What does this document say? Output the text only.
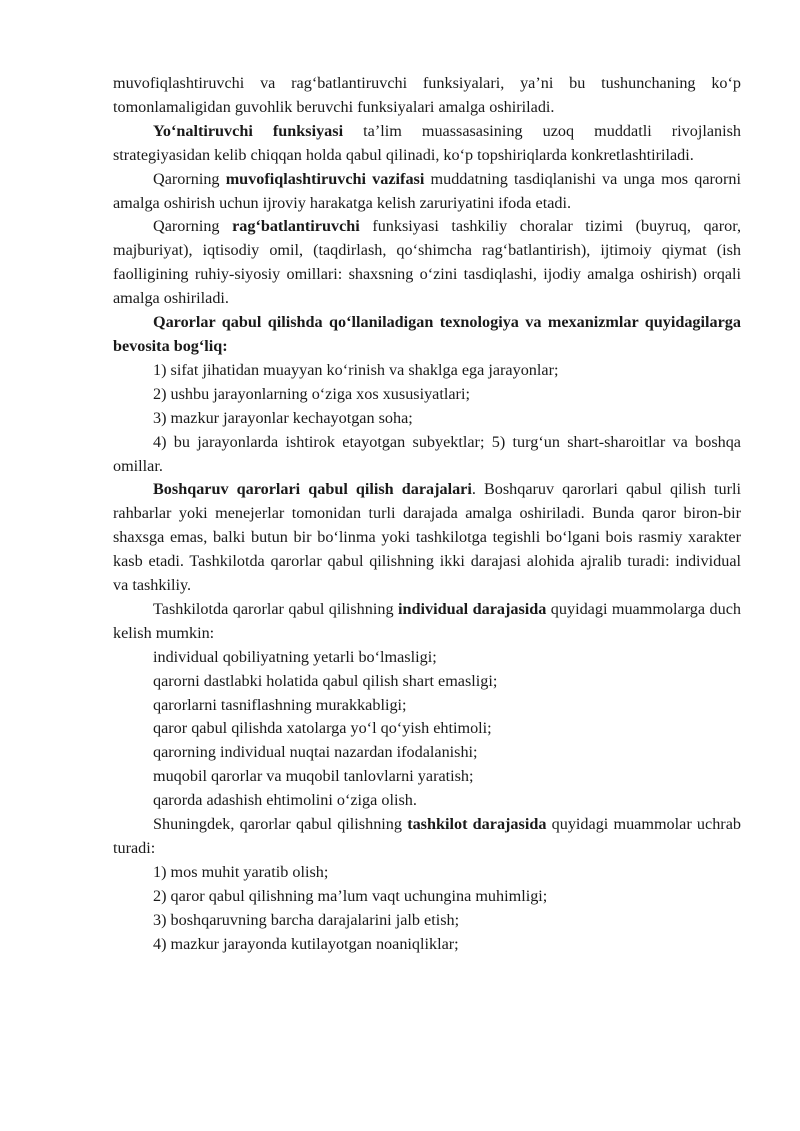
muvofiqlashtiruvchi va rag‘batlantiruvchi funksiyalari, ya’ni bu tushunchaning ko‘p tomonlamaligidan guvohlik beruvchi funksiyalari amalga oshiriladi.

Yo‘naltiruvchi funksiyasi ta’lim muassasasining uzoq muddatli rivojlanish strategiyasidan kelib chiqqan holda qabul qilinadi, ko‘p topshiriqlarda konkretlashtiriladi.

Qarorning muvofiqlashtiruvchi vazifasi muddatning tasdiqlanishi va unga mos qarorni amalga oshirish uchun ijroviy harakatga kelish zaruriyatini ifoda etadi.

Qarorning rag‘batlantiruvchi funksiyasi tashkiliy choralar tizimi (buyruq, qaror, majburiyat), iqtisodiy omil, (taqdirlash, qo‘shimcha rag‘batlantirish), ijtimoiy qiymat (ish faolligining ruhiy-siyosiy omillari: shaxsning o‘zini tasdiqlashi, ijodiy amalga oshirish) orqali amalga oshiriladi.

Qarorlar qabul qilishda qo‘llaniladigan texnologiya va mexanizmlar quyidagilarga bevosita bog‘liq:

1) sifat jihatidan muayyan ko‘rinish va shaklga ega jarayonlar;

2) ushbu jarayonlarning o‘ziga xos xususiyatlari;

3) mazkur jarayonlar kechayotgan soha;

4) bu jarayonlarda ishtirok etayotgan subyektlar; 5) turg‘un shart-sharoitlar va boshqa omillar.

Boshqaruv qarorlari qabul qilish darajalari. Boshqaruv qarorlari qabul qilish turli rahbarlar yoki menejerlar tomonidan turli darajada amalga oshiriladi. Bunda qaror biron-bir shaxsga emas, balki butun bir bo‘linma yoki tashkilotga tegishli bo‘lgani bois rasmiy xarakter kasb etadi. Tashkilotda qarorlar qabul qilishning ikki darajasi alohida ajralib turadi: individual va tashkiliy.

Tashkilotda qarorlar qabul qilishning individual darajasida quyidagi muammolarga duch kelish mumkin:

individual qobiliyatning yetarli bo‘lmasligi;

qarorni dastlabki holatida qabul qilish shart emasligi;

qarorlarni tasniflashning murakkabligi;

qaror qabul qilishda xatolarga yo‘l qo‘yish ehtimoli;

qarorning individual nuqtai nazardan ifodalanishi;

muqobil qarorlar va muqobil tanlovlarni yaratish;

qarorda adashish ehtimolini o‘ziga olish.

Shuningdek, qarorlar qabul qilishning tashkilot darajasida quyidagi muammolar uchrab turadi:

1) mos muhit yaratib olish;

2) qaror qabul qilishning ma’lum vaqt uchungina muhimligi;

3) boshqaruvning barcha darajalarini jalb etish;

4) mazkur jarayonda kutilayotgan noaniqliklar;
